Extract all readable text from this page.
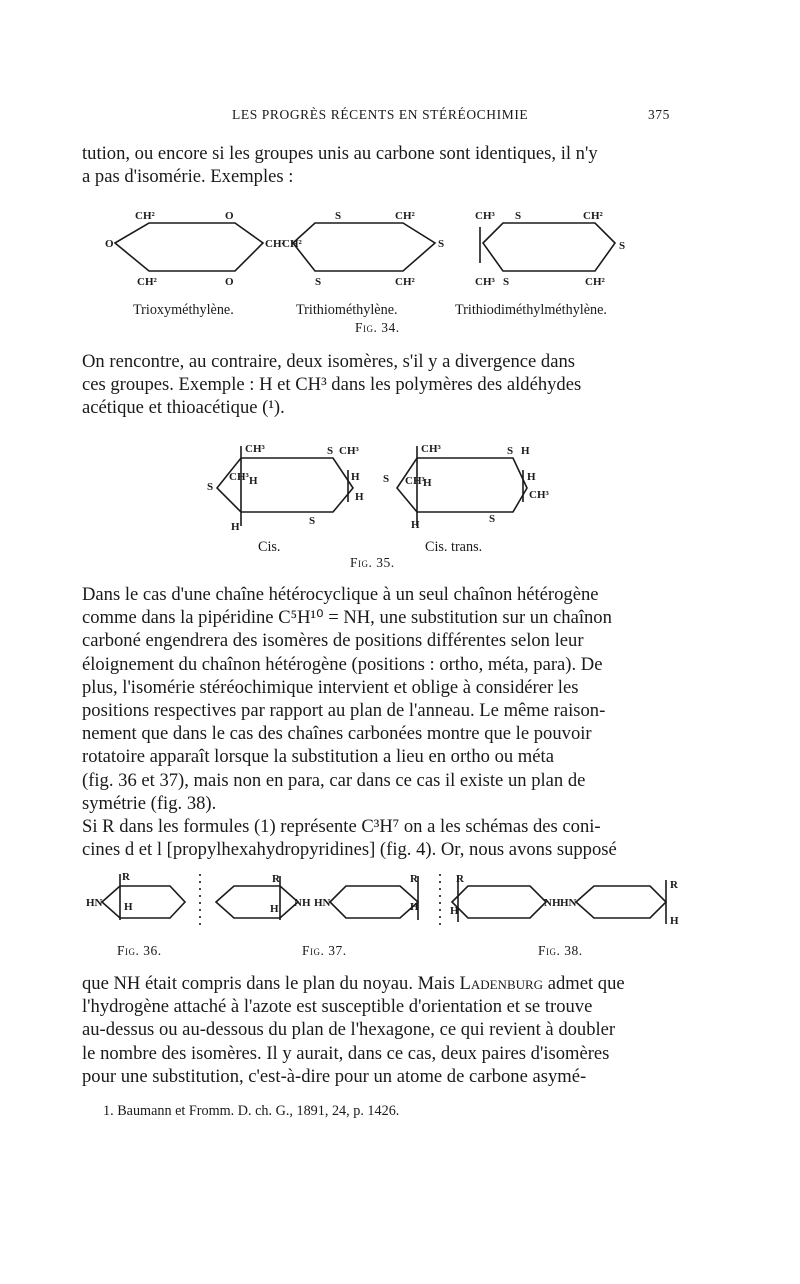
LES PROGRÈS RÉCENTS EN STÉRÉOCHIMIE	375

tution, ou encore si les groupes unis au carbone sont identiques, il n'y
a pas d'isomérie. Exemples :

CH²	O
O	CH²
CH²	O
S	CH²
CH²	S
S	CH²
CH³ S	CH²
S
CH³ S	CH²
Trioxyméthylène.	Trithiométhylène.	Trithiodiméthylméthylène.
Fig. 34.

On rencontre, au contraire, deux isomères, s'il y a divergence dans
ces groupes. Exemple : H et CH³ dans les polymères des aldéhydes
acétique et thioacétique (¹).

CH³	S CH³
S	H
H
CH³	H
S
H
CH³	S H
S	H
CH³
CH³	H
S
H
Cis.	Cis. trans.
Fig. 35.

Dans le cas d'une chaîne hétérocyclique à un seul chaînon hétérogène
comme dans la pipéridine C⁵H¹⁰ = NH, une substitution sur un chaînon
carboné engendrera des isomères de positions différentes selon leur
éloignement du chaînon hétérogène (positions : ortho, méta, para). De
plus, l'isomérie stéréochimique intervient et oblige à considérer les
positions respectives par rapport au plan de l'anneau. Le même raison-
nement que dans le cas des chaînes carbonées montre que le pouvoir
rotatoire apparaît lorsque la substitution a lieu en ortho ou méta
(fig. 36 et 37), mais non en para, car dans ce cas il existe un plan de
symétrie (fig. 38).

Si R dans les formules (1) représente C³H⁷ on a les schémas des coni-
cines d et l [propylhexahydropyridines] (fig. 4). Or, nous avons supposé

R
HN H
R
H NH HN
R
H
R
H
NH HN
R
H
Fig. 36.	Fig. 37.	Fig. 38.

que NH était compris dans le plan du noyau. Mais Ladenburg admet que
l'hydrogène attaché à l'azote est susceptible d'orientation et se trouve
au-dessus ou au-dessous du plan de l'hexagone, ce qui revient à doubler
le nombre des isomères. Il y aurait, dans ce cas, deux paires d'isomères
pour une substitution, c'est-à-dire pour un atome de carbone asymé-

1. Baumann et Fromm. D. ch. G., 1891, 24, p. 1426.
